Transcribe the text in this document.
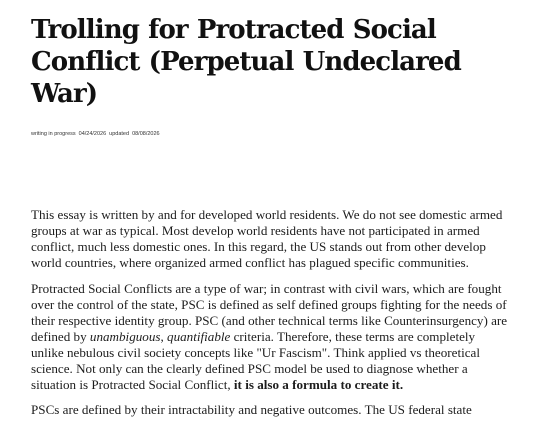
Trolling for Protracted Social Conflict (Perpetual Undeclared War)
writing in progress 04/24/2026 updated 08/08/2026

This essay is written by and for developed world residents. We do not see domestic armed groups at war as typical. Most develop world residents have not participated in armed conflict, much less domestic ones. In this regard, the US stands out from other develop world countries, where organized armed conflict has plagued specific communities.

Protracted Social Conflicts are a type of war; in contrast with civil wars, which are fought over the control of the state, PSC is defined as self defined groups fighting for the needs of their respective identity group. PSC (and other technical terms like Counterinsurgency) are defined by unambiguous, quantifiable criteria. Therefore, these terms are completely unlike nebulous civil society concepts like "Ur Fascism". Think applied vs theoretical science. Not only can the clearly defined PSC model be used to diagnose whether a situation is Protracted Social Conflict, it is also a formula to create it.

PSCs are defined by their intractability and negative outcomes. The US federal state
